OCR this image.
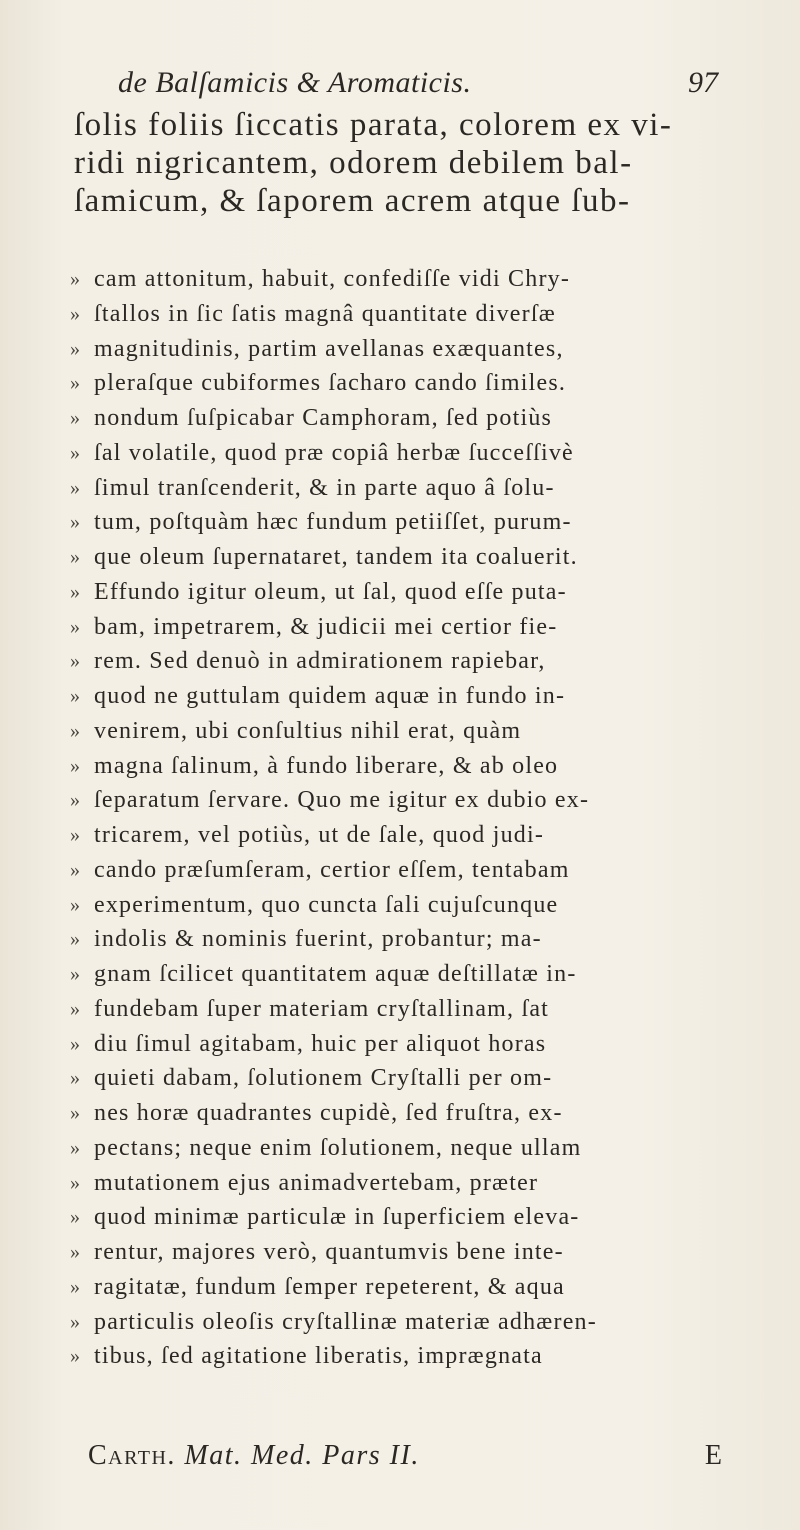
de Balſamicis & Aromaticis.	97
ſolis foliis ſiccatis parata, colorem ex vi-
ridi nigricantem, odorem debilem bal-
ſamicum, & ſaporem acrem atque ſub-
» cam attonitum, habuit, confediſſe vidi Chry-
» ſtallos in ſic ſatis magnâ quantitate diverſæ
» magnitudinis, partim avellanas exæquantes,
» pleraſque cubiformes ſacharo cando ſimiles.
» nondum ſuſpicabar Camphoram, ſed potiùs
» ſal volatile, quod præ copiâ herbæ ſucceſſivè
» ſimul tranſcenderit, & in parte aquo â ſolu-
» tum, poſtquàm hæc fundum petiiſſet, purum-
» que oleum ſupernataret, tandem ita coaluerit.
» Effundo igitur oleum, ut ſal, quod eſſe puta-
» bam, impetrarem, & judicii mei certior fie-
» rem. Sed denuò in admirationem rapiebar,
» quod ne guttulam quidem aquæ in fundo in-
» venirem, ubi conſultius nihil erat, quàm
» magna ſalinum, à fundo liberare, & ab oleo
» ſeparatum ſervare. Quo me igitur ex dubio ex-
» tricarem, vel potiùs, ut de ſale, quod judi-
» cando præſumſeram, certior eſſem, tentabam
» experimentum, quo cuncta ſali cujuſcunque
» indolis & nominis fuerint, probantur; ma-
» gnam ſcilicet quantitatem aquæ deſtillatæ in-
» fundebam ſuper materiam cryſtallinam, ſat
» diu ſimul agitabam, huic per aliquot horas
» quieti dabam, ſolutionem Cryſtalli per om-
» nes horæ quadrantes cupidè, ſed fruſtra, ex-
» pectans; neque enim ſolutionem, neque ullam
» mutationem ejus animadvertebam, præter
» quod minimæ particulæ in ſuperficiem eleva-
» rentur, majores verò, quantumvis bene inte-
» ragitatæ, fundum ſemper repeterent, & aqua
» particulis oleoſis cryſtallinæ materiæ adhæren-
» tibus, ſed agitatione liberatis, imprægnata
Carth. Mat. Med. Pars II.	E
